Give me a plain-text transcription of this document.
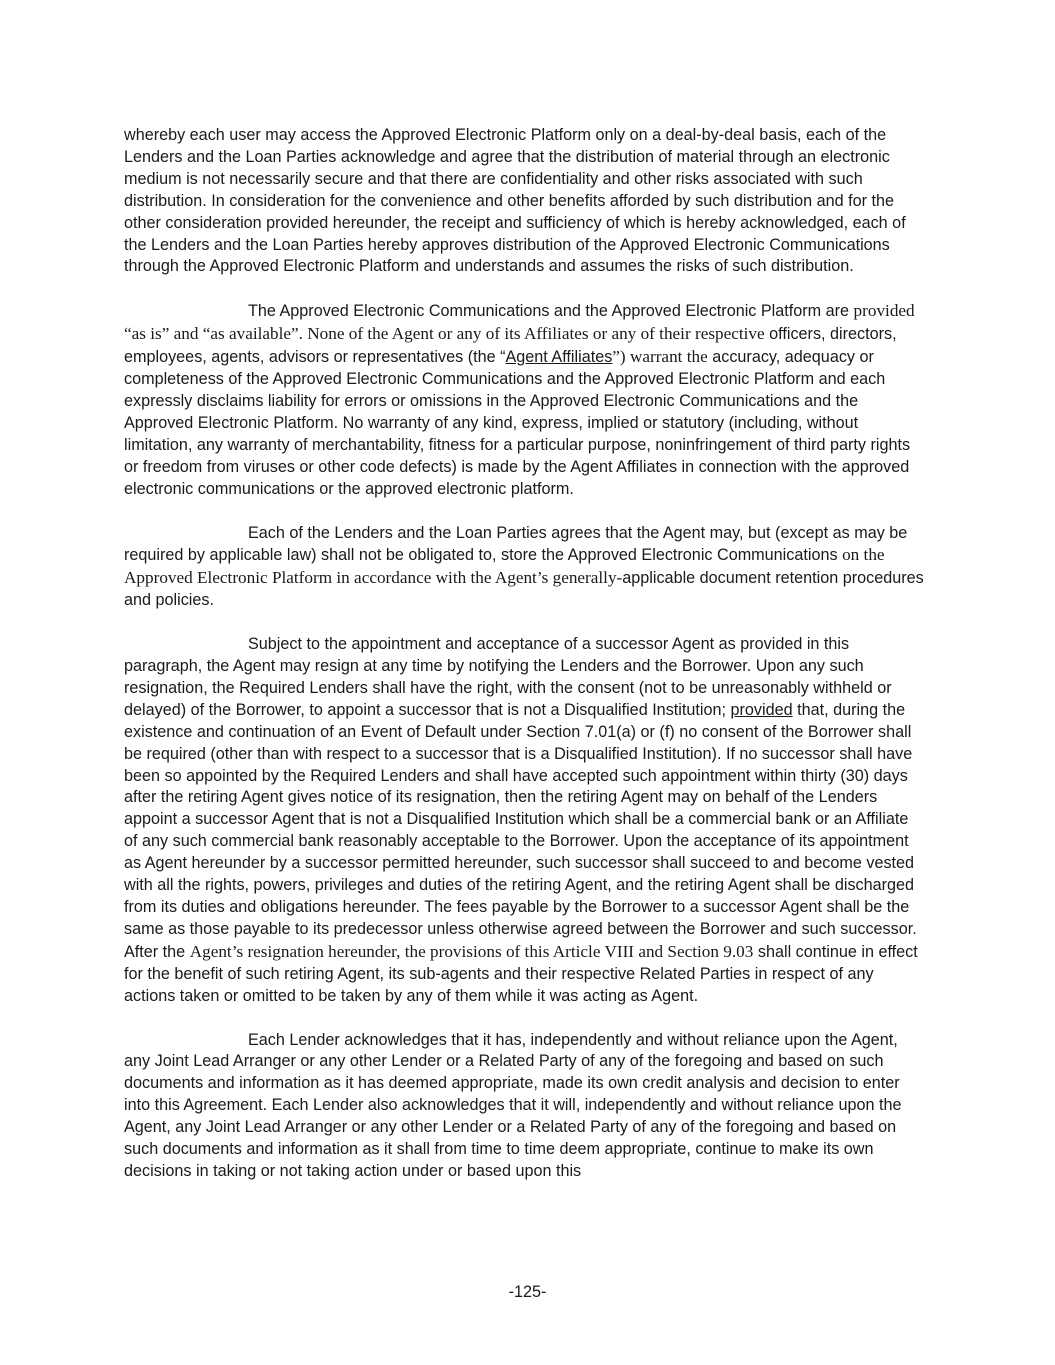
whereby each user may access the Approved Electronic Platform only on a deal-by-deal basis, each of the Lenders and the Loan Parties acknowledge and agree that the distribution of material through an electronic medium is not necessarily secure and that there are confidentiality and other risks associated with such distribution. In consideration for the convenience and other benefits afforded by such distribution and for the other consideration provided hereunder, the receipt and sufficiency of which is hereby acknowledged, each of the Lenders and the Loan Parties hereby approves distribution of the Approved Electronic Communications through the Approved Electronic Platform and understands and assumes the risks of such distribution.

The Approved Electronic Communications and the Approved Electronic Platform are provided “as is” and “as available”. None of the Agent or any of its Affiliates or any of their respective officers, directors, employees, agents, advisors or representatives (the “Agent Affiliates”) warrant the accuracy, adequacy or completeness of the Approved Electronic Communications and the Approved Electronic Platform and each expressly disclaims liability for errors or omissions in the Approved Electronic Communications and the Approved Electronic Platform. No warranty of any kind, express, implied or statutory (including, without limitation, any warranty of merchantability, fitness for a particular purpose, noninfringement of third party rights or freedom from viruses or other code defects) is made by the Agent Affiliates in connection with the approved electronic communications or the approved electronic platform.

Each of the Lenders and the Loan Parties agrees that the Agent may, but (except as may be required by applicable law) shall not be obligated to, store the Approved Electronic Communications on the Approved Electronic Platform in accordance with the Agent’s generally-applicable document retention procedures and policies.

Subject to the appointment and acceptance of a successor Agent as provided in this paragraph, the Agent may resign at any time by notifying the Lenders and the Borrower. Upon any such resignation, the Required Lenders shall have the right, with the consent (not to be unreasonably withheld or delayed) of the Borrower, to appoint a successor that is not a Disqualified Institution; provided that, during the existence and continuation of an Event of Default under Section 7.01(a) or (f) no consent of the Borrower shall be required (other than with respect to a successor that is a Disqualified Institution). If no successor shall have been so appointed by the Required Lenders and shall have accepted such appointment within thirty (30) days after the retiring Agent gives notice of its resignation, then the retiring Agent may on behalf of the Lenders appoint a successor Agent that is not a Disqualified Institution which shall be a commercial bank or an Affiliate of any such commercial bank reasonably acceptable to the Borrower. Upon the acceptance of its appointment as Agent hereunder by a successor permitted hereunder, such successor shall succeed to and become vested with all the rights, powers, privileges and duties of the retiring Agent, and the retiring Agent shall be discharged from its duties and obligations hereunder. The fees payable by the Borrower to a successor Agent shall be the same as those payable to its predecessor unless otherwise agreed between the Borrower and such successor. After the Agent’s resignation hereunder, the provisions of this Article VIII and Section 9.03 shall continue in effect for the benefit of such retiring Agent, its sub-agents and their respective Related Parties in respect of any actions taken or omitted to be taken by any of them while it was acting as Agent.

Each Lender acknowledges that it has, independently and without reliance upon the Agent, any Joint Lead Arranger or any other Lender or a Related Party of any of the foregoing and based on such documents and information as it has deemed appropriate, made its own credit analysis and decision to enter into this Agreement. Each Lender also acknowledges that it will, independently and without reliance upon the Agent, any Joint Lead Arranger or any other Lender or a Related Party of any of the foregoing and based on such documents and information as it shall from time to time deem appropriate, continue to make its own decisions in taking or not taking action under or based upon this

-125-
